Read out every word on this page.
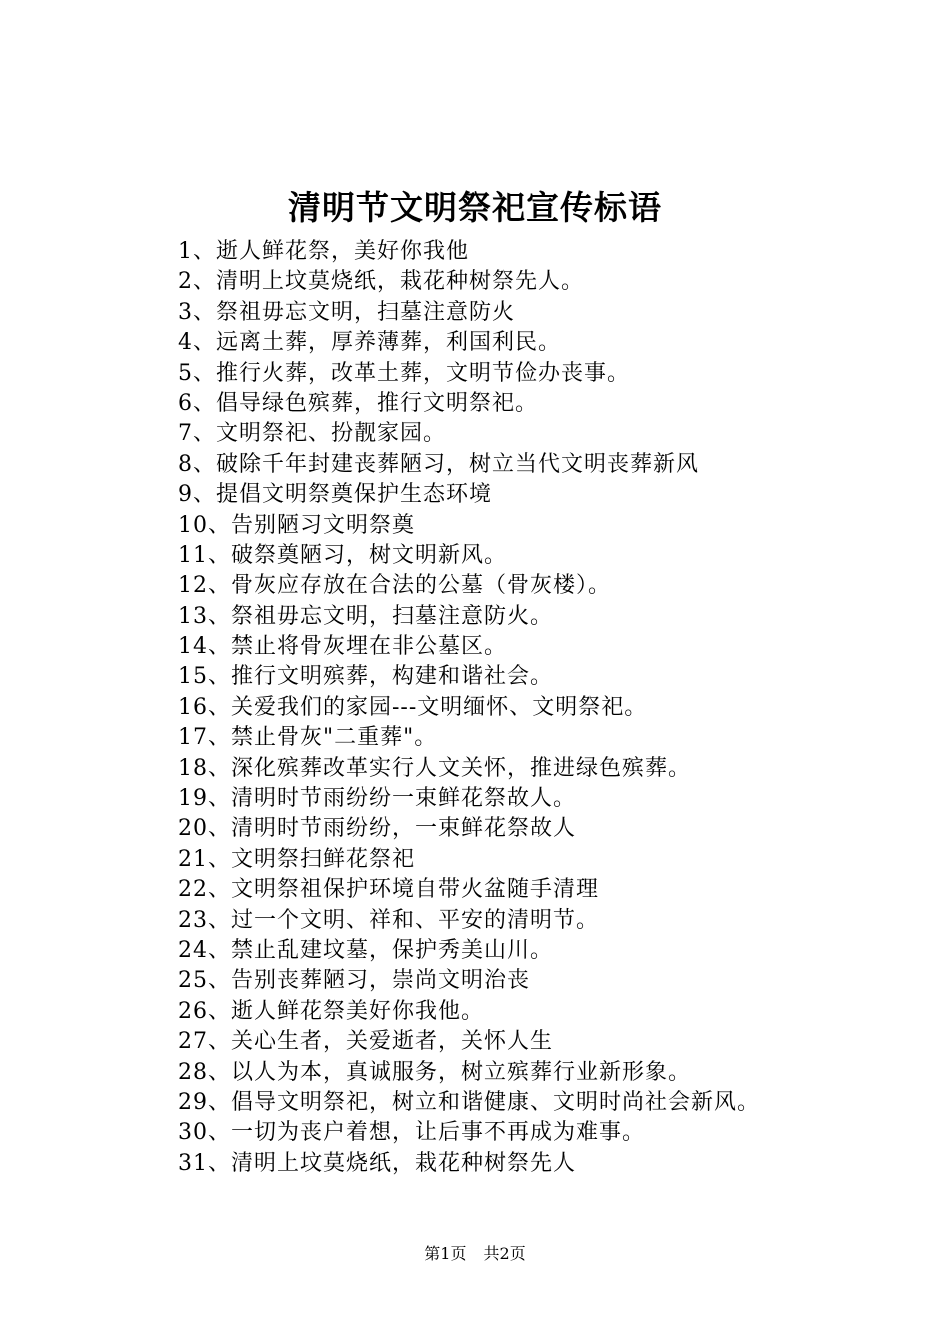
清明节文明祭祀宣传标语
1、逝人鲜花祭，美好你我他
2、清明上坟莫烧纸，栽花种树祭先人。
3、祭祖毋忘文明，扫墓注意防火
4、远离土葬，厚养薄葬，利国利民。
5、推行火葬，改革土葬，文明节俭办丧事。
6、倡导绿色殡葬，推行文明祭祀。
7、文明祭祀、扮靓家园。
8、破除千年封建丧葬陋习，树立当代文明丧葬新风
9、提倡文明祭奠保护生态环境
10、告别陋习文明祭奠
11、破祭奠陋习，树文明新风。
12、骨灰应存放在合法的公墓（骨灰楼）。
13、祭祖毋忘文明，扫墓注意防火。
14、禁止将骨灰埋在非公墓区。
15、推行文明殡葬，构建和谐社会。
16、关爱我们的家园---文明缅怀、文明祭祀。
17、禁止骨灰"二重葬"。
18、深化殡葬改革实行人文关怀，推进绿色殡葬。
19、清明时节雨纷纷一束鲜花祭故人。
20、清明时节雨纷纷，一束鲜花祭故人
21、文明祭扫鲜花祭祀
22、文明祭祖保护环境自带火盆随手清理
23、过一个文明、祥和、平安的清明节。
24、禁止乱建坟墓，保护秀美山川。
25、告别丧葬陋习，崇尚文明治丧
26、逝人鲜花祭美好你我他。
27、关心生者，关爱逝者，关怀人生
28、以人为本，真诚服务，树立殡葬行业新形象。
29、倡导文明祭祀，树立和谐健康、文明时尚社会新风。
30、一切为丧户着想，让后事不再成为难事。
31、清明上坟莫烧纸，栽花种树祭先人
第1页 共2页
